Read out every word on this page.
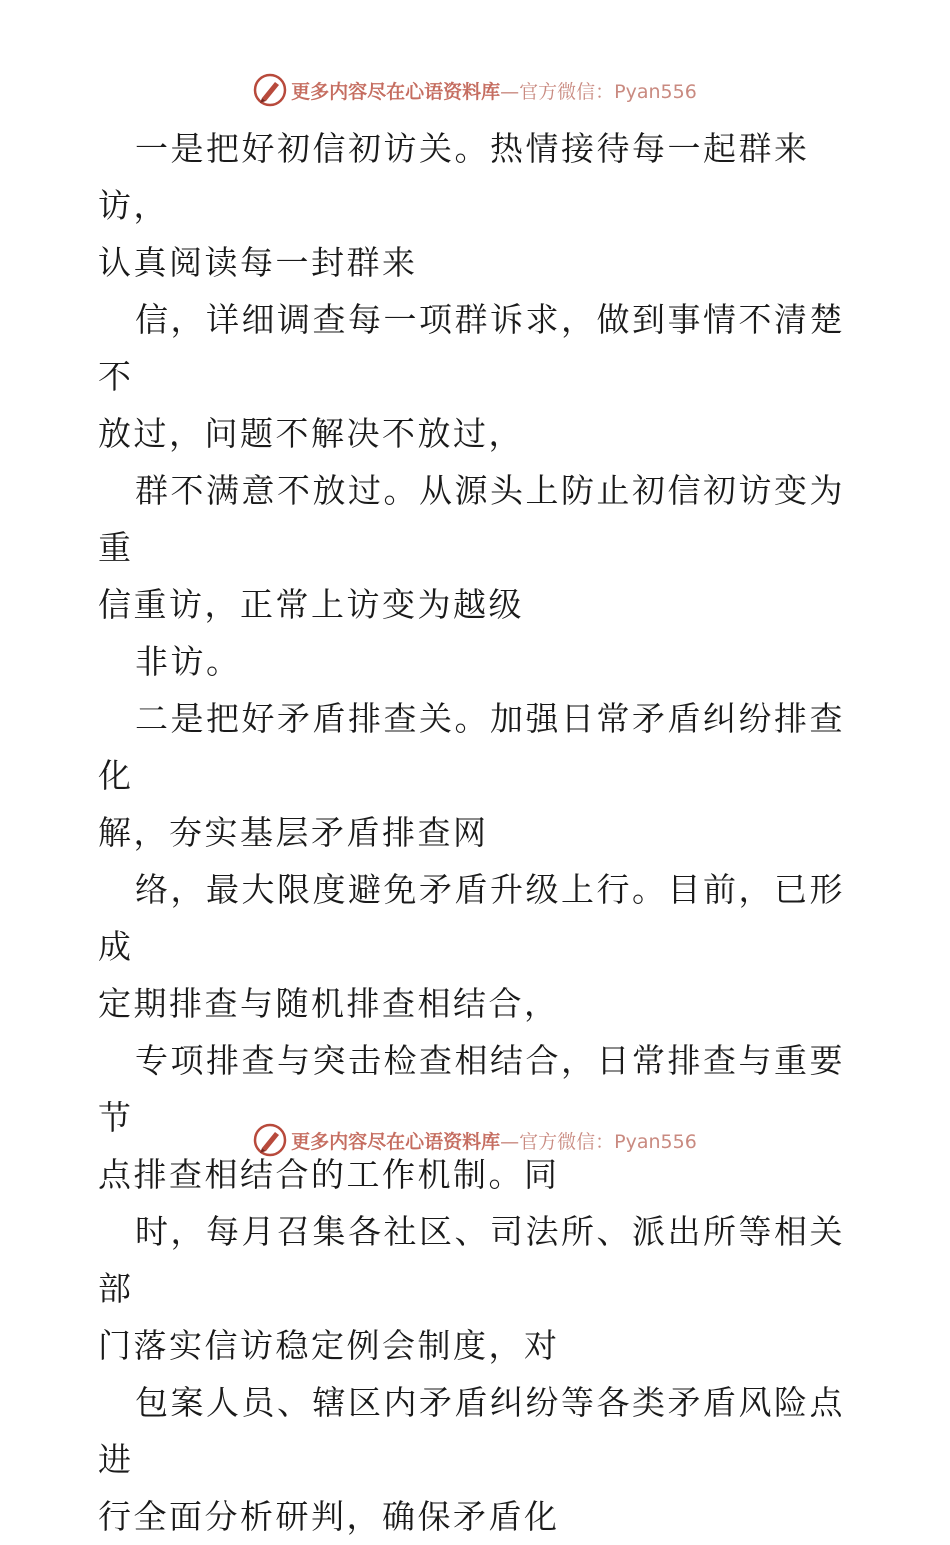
更多内容尽在心语资料库—官方微信：Pyan556

一是把好初信初访关。热情接待每一起群来访，
认真阅读每一封群来

信，详细调查每一项群诉求，做到事情不清楚不
放过，问题不解决不放过，

群不满意不放过。从源头上防止初信初访变为重
信重访，正常上访变为越级

非访。

二是把好矛盾排查关。加强日常矛盾纠纷排查化
解，夯实基层矛盾排查网

络，最大限度避免矛盾升级上行。目前，已形成
定期排查与随机排查相结合，

专项排查与突击检查相结合，日常排查与重要节
点排查相结合的工作机制。同

时，每月召集各社区、司法所、派出所等相关部
门落实信访稳定例会制度，对

包案人员、辖区内矛盾纠纷等各类矛盾风险点进
行全面分析研判，确保矛盾化

更多内容尽在心语资料库—官方微信：Pyan556
